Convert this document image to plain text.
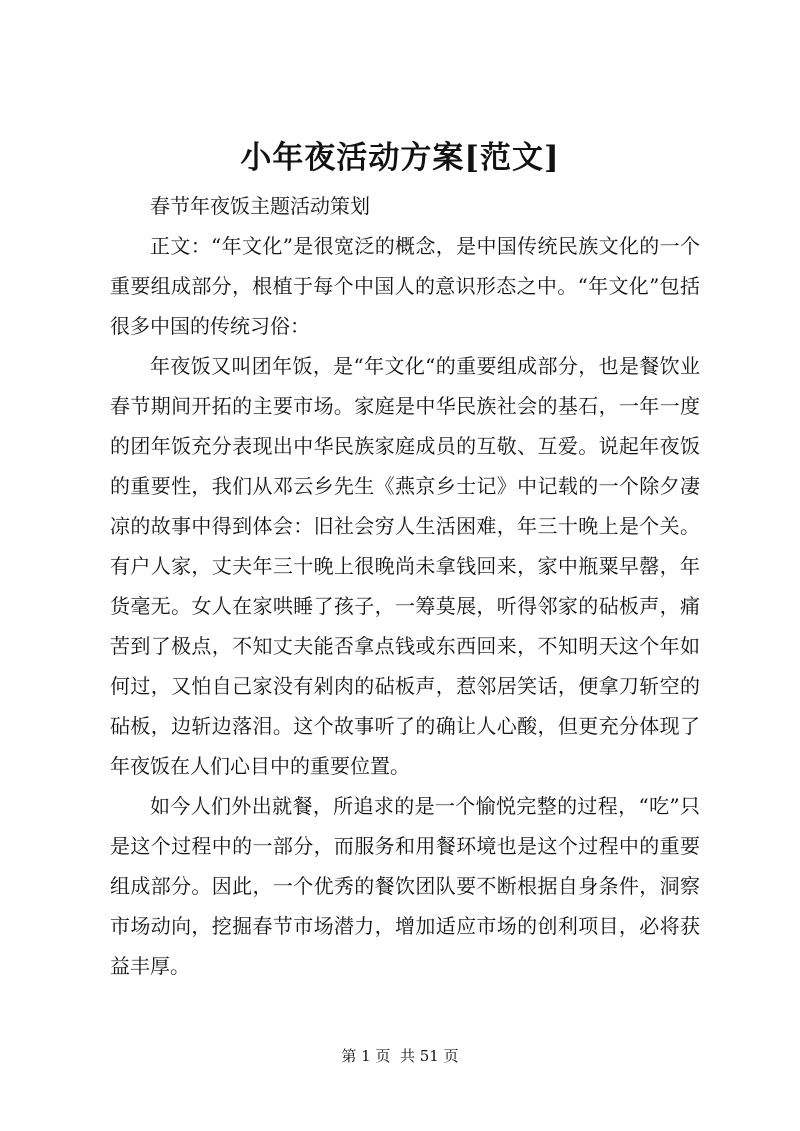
小年夜活动方案[范文]

春节年夜饭主题活动策划

正文：“年文化”是很宽泛的概念，是中国传统民族文化的一个重要组成部分，根植于每个中国人的意识形态之中。“年文化”包括很多中国的传统习俗：

年夜饭又叫团年饭，是“年文化“的重要组成部分，也是餐饮业春节期间开拓的主要市场。家庭是中华民族社会的基石，一年一度的团年饭充分表现出中华民族家庭成员的互敬、互爱。说起年夜饭的重要性，我们从邓云乡先生《燕京乡士记》中记载的一个除夕凄凉的故事中得到体会：旧社会穷人生活困难，年三十晚上是个关。有户人家，丈夫年三十晚上很晚尚未拿钱回来，家中瓶粟早罄，年货毫无。女人在家哄睡了孩子，一筹莫展，听得邻家的砧板声，痛苦到了极点，不知丈夫能否拿点钱或东西回来，不知明天这个年如何过，又怕自己家没有剁肉的砧板声，惹邻居笑话，便拿刀斩空的砧板，边斩边落泪。这个故事听了的确让人心酸，但更充分体现了年夜饭在人们心目中的重要位置。

如今人们外出就餐，所追求的是一个愉悦完整的过程，“吃”只是这个过程中的一部分，而服务和用餐环境也是这个过程中的重要组成部分。因此，一个优秀的餐饮团队要不断根据自身条件，洞察市场动向，挖掘春节市场潜力，增加适应市场的创利项目，必将获益丰厚。

第 1 页  共 51 页
